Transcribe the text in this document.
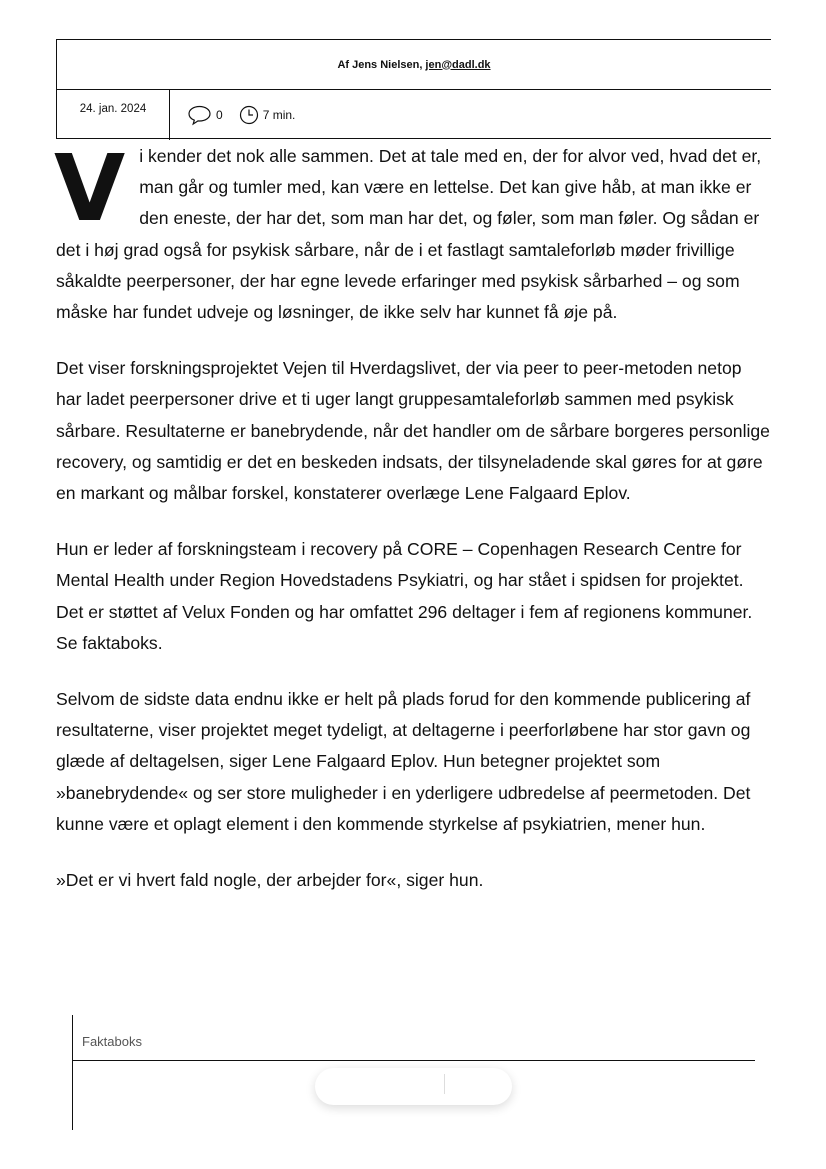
Af Jens Nielsen, jen@dadl.dk
24. jan. 2024	0	7 min.

Vi kender det nok alle sammen. Det at tale med en, der for alvor ved, hvad det er, man går og tumler med, kan være en lettelse. Det kan give håb, at man ikke er den eneste, der har det, som man har det, og føler, som man føler. Og sådan er det i høj grad også for psykisk sårbare, når de i et fastlagt samtaleforløb møder frivillige såkaldte peerpersoner, der har egne levede erfaringer med psykisk sårbarhed – og som måske har fundet udveje og løsninger, de ikke selv har kunnet få øje på.

Det viser forskningsprojektet Vejen til Hverdagslivet, der via peer to peer-metoden netop har ladet peerpersoner drive et ti uger langt gruppesamtaleforløb sammen med psykisk sårbare. Resultaterne er banebrydende, når det handler om de sårbare borgeres personlige recovery, og samtidig er det en beskeden indsats, der tilsyneladende skal gøres for at gøre en markant og målbar forskel, konstaterer overlæge Lene Falgaard Eplov.

Hun er leder af forskningsteam i recovery på CORE – Copenhagen Research Centre for Mental Health under Region Hovedstadens Psykiatri, og har stået i spidsen for projektet. Det er støttet af Velux Fonden og har omfattet 296 deltager i fem af regionens kommuner. Se faktaboks.

Selvom de sidste data endnu ikke er helt på plads forud for den kommende publicering af resultaterne, viser projektet meget tydeligt, at deltagerne i peerforløbene har stor gavn og glæde af deltagelsen, siger Lene Falgaard Eplov. Hun betegner projektet som »banebrydende« og ser store muligheder i en yderligere udbredelse af peermetoden. Det kunne være et oplagt element i den kommende styrkelse af psykiatrien, mener hun.

»Det er vi hvert fald nogle, der arbejder for«, siger hun.

Faktaboks
